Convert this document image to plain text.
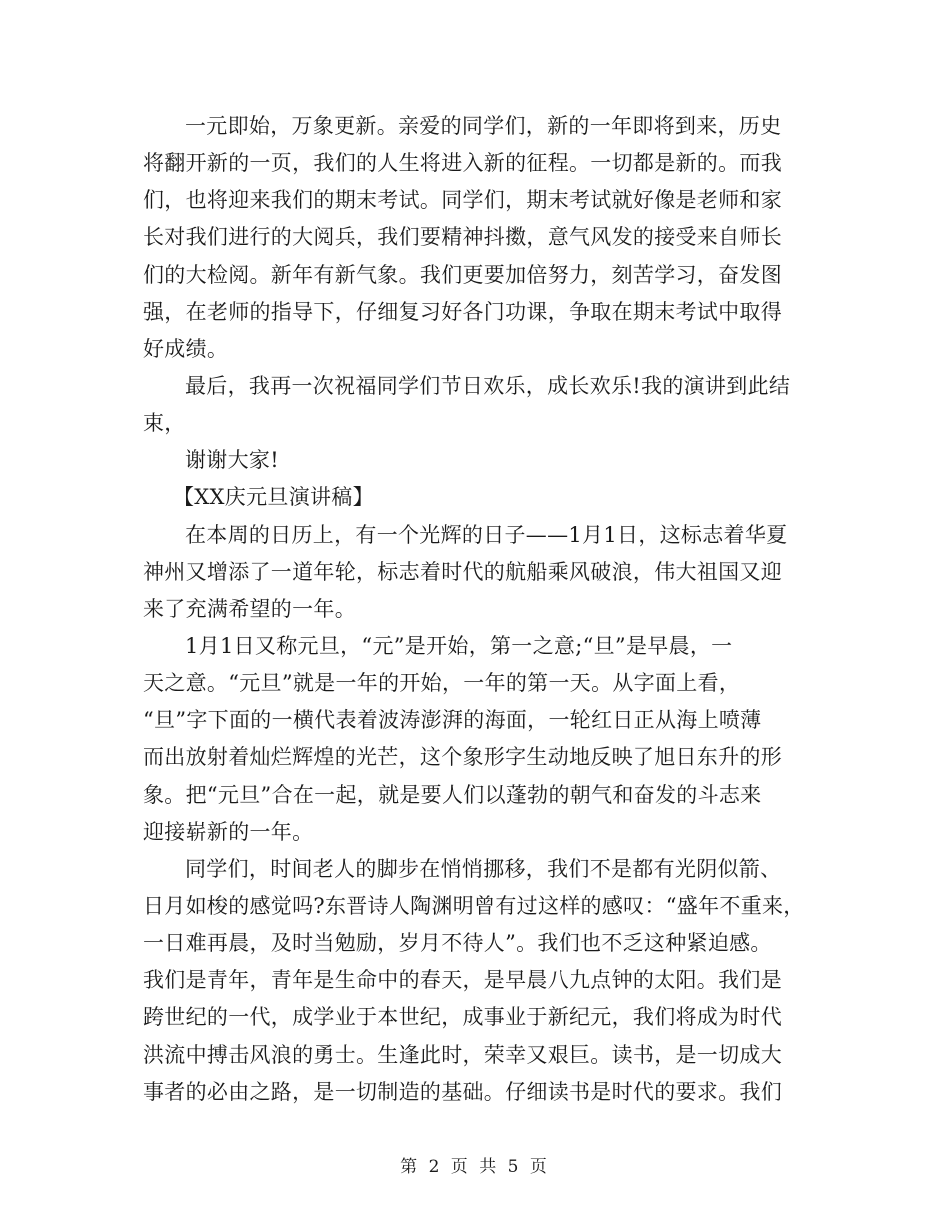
一元即始，万象更新。亲爱的同学们，新的一年即将到来，历史
将翻开新的一页，我们的人生将进入新的征程。一切都是新的。而我
们，也将迎来我们的期末考试。同学们，期末考试就好像是老师和家
长对我们进行的大阅兵，我们要精神抖擞，意气风发的接受来自师长
们的大检阅。新年有新气象。我们更要加倍努力，刻苦学习，奋发图
强，在老师的指导下，仔细复习好各门功课，争取在期末考试中取得
好成绩。
最后，我再一次祝福同学们节日欢乐，成长欢乐!我的演讲到此结
束，
谢谢大家!
【XX庆元旦演讲稿】
在本周的日历上，有一个光辉的日子——1月1日，这标志着华夏
神州又增添了一道年轮，标志着时代的航船乘风破浪，伟大祖国又迎
来了充满希望的一年。
1月1日又称元旦，“元”是开始，第一之意;“旦”是早晨，一
天之意。“元旦”就是一年的开始，一年的第一天。从字面上看，
“旦”字下面的一横代表着波涛澎湃的海面，一轮红日正从海上喷薄
而出放射着灿烂辉煌的光芒，这个象形字生动地反映了旭日东升的形
象。把“元旦”合在一起，就是要人们以蓬勃的朝气和奋发的斗志来
迎接崭新的一年。
同学们，时间老人的脚步在悄悄挪移，我们不是都有光阴似箭、
日月如梭的感觉吗?东晋诗人陶渊明曾有过这样的感叹：“盛年不重来，
一日难再晨，及时当勉励，岁月不待人”。我们也不乏这种紧迫感。
我们是青年，青年是生命中的春天，是早晨八九点钟的太阳。我们是
跨世纪的一代，成学业于本世纪，成事业于新纪元，我们将成为时代
洪流中搏击风浪的勇士。生逢此时，荣幸又艰巨。读书，是一切成大
事者的必由之路，是一切制造的基础。仔细读书是时代的要求。我们
第 2 页 共 5 页
